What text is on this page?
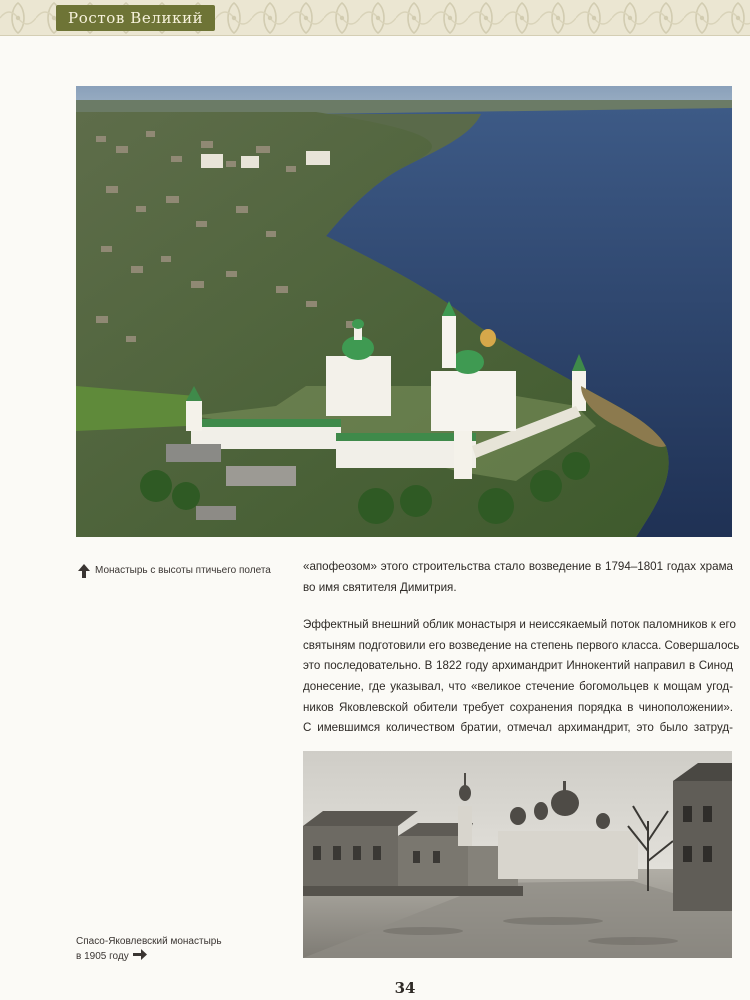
Ростов Великий
Монастырь с высоты птичьего полета	«апофеозом» этого строительства стало возведение в 1794–1801 годах храма
во имя святителя Димитрия.
Эффектный внешний облик монастыря и неиссякаемый поток паломников к его
святыням подготовили его возведение на степень первого класса. Совершалось
это последовательно. В 1822 году архимандрит Иннокентий направил в Синод
донесение, где указывал, что «великое стечение богомольцев к мощам угод-
ников Яковлевской обители требует сохранения порядка в чиноположении».
С имевшимся количеством братии, отмечал архимандрит, это было затруд-
Спасо-Яковлевский монастырь
в 1905 году
34
